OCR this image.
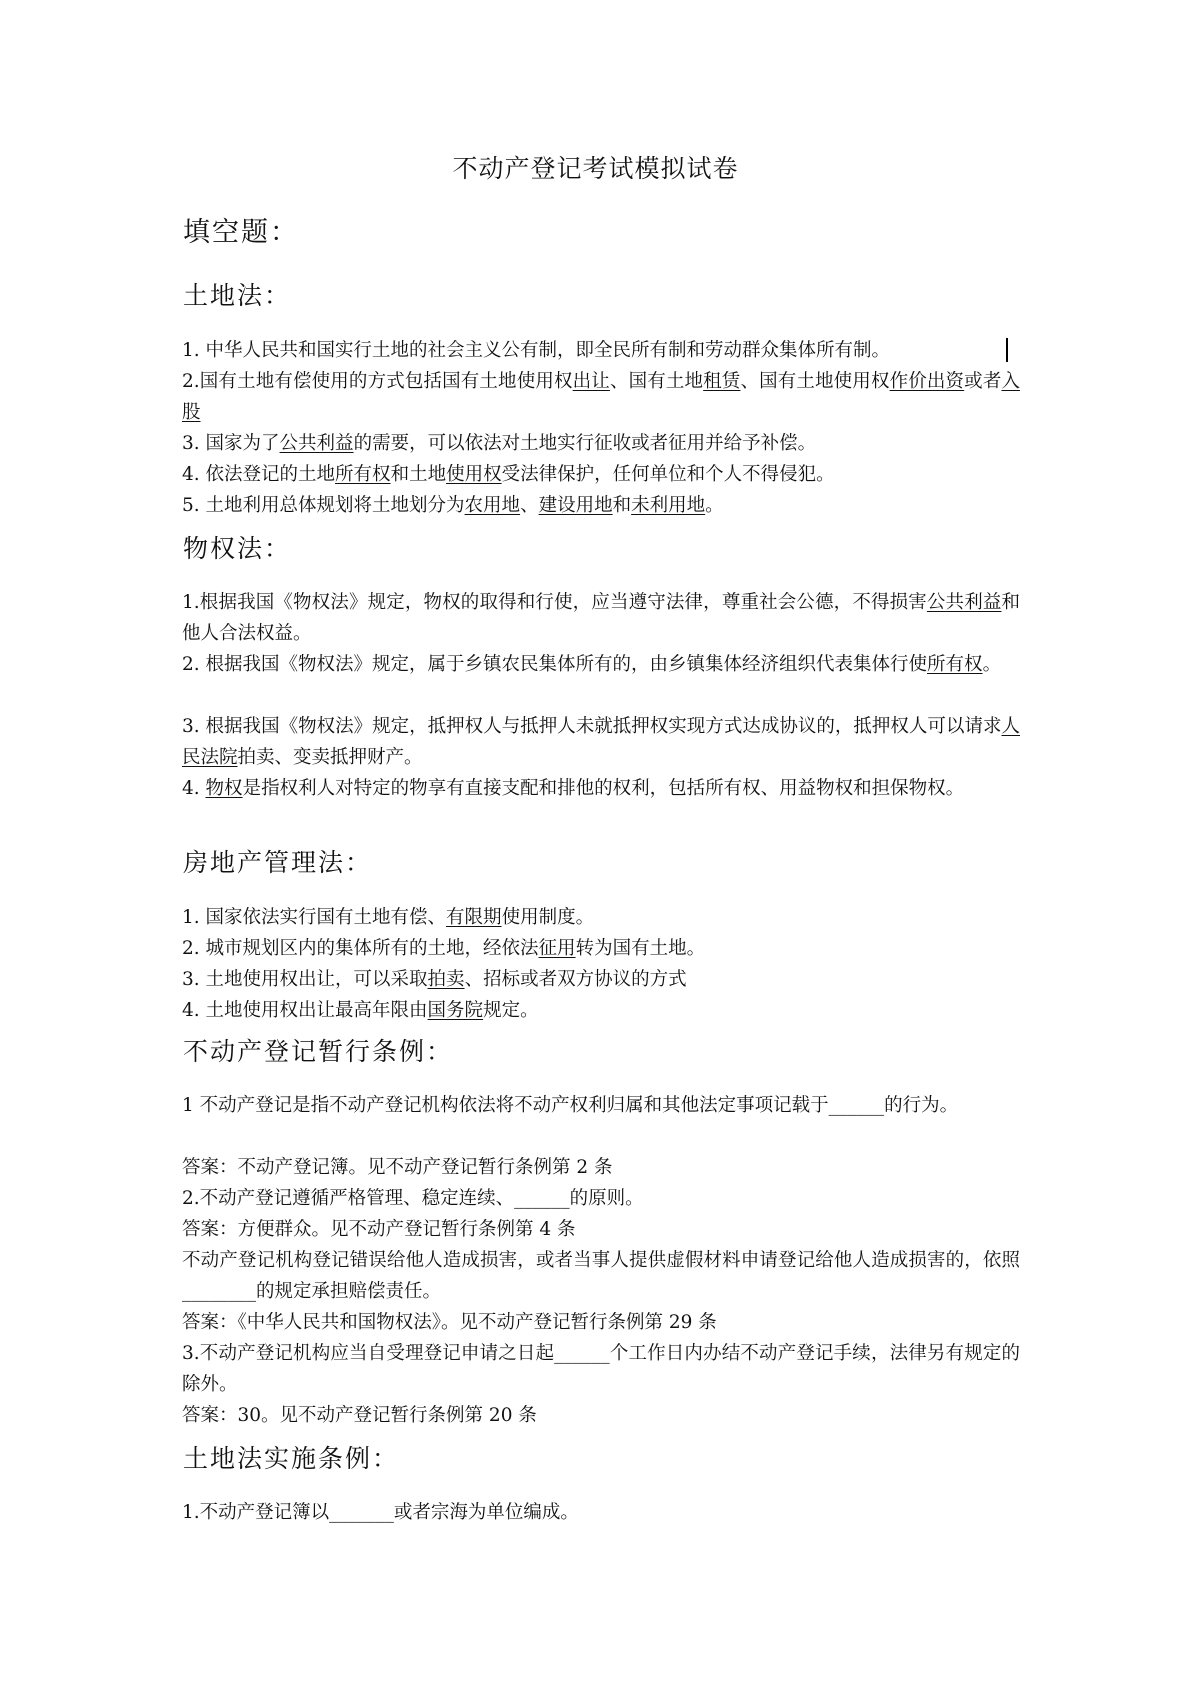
不动产登记考试模拟试卷
填空题：
土地法：
1. 中华人民共和国实行土地的社会主义公有制，即全民所有制和劳动群众集体所有制。
2.国有土地有偿使用的方式包括国有土地使用权出让、国有土地租赁、国有土地使用权作价出资或者入股
3. 国家为了公共利益的需要，可以依法对土地实行征收或者征用并给予补偿。
4. 依法登记的土地所有权和土地使用权受法律保护，任何单位和个人不得侵犯。
5. 土地利用总体规划将土地划分为农用地、建设用地和未利用地。
物权法：
1.根据我国《物权法》规定，物权的取得和行使，应当遵守法律，尊重社会公德，不得损害公共利益和他人合法权益。
2. 根据我国《物权法》规定，属于乡镇农民集体所有的，由乡镇集体经济组织代表集体行使所有权。
3. 根据我国《物权法》规定，抵押权人与抵押人未就抵押权实现方式达成协议的，抵押权人可以请求人民法院拍卖、变卖抵押财产。
4. 物权是指权利人对特定的物享有直接支配和排他的权利，包括所有权、用益物权和担保物权。
房地产管理法：
1. 国家依法实行国有土地有偿、有限期使用制度。
2. 城市规划区内的集体所有的土地，经依法征用转为国有土地。
3. 土地使用权出让，可以采取拍卖、招标或者双方协议的方式
4. 土地使用权出让最高年限由国务院规定。
不动产登记暂行条例：
1 不动产登记是指不动产登记机构依法将不动产权利归属和其他法定事项记载于______的行为。
答案：不动产登记簿。见不动产登记暂行条例第 2 条
2.不动产登记遵循严格管理、稳定连续、______的原则。
答案：方便群众。见不动产登记暂行条例第 4 条
不动产登记机构登记错误给他人造成损害，或者当事人提供虚假材料申请登记给他人造成损害的，依照________的规定承担赔偿责任。
答案：《中华人民共和国物权法》。见不动产登记暂行条例第 29 条
3.不动产登记机构应当自受理登记申请之日起______个工作日内办结不动产登记手续，法律另有规定的除外。
答案：30。见不动产登记暂行条例第 20 条
土地法实施条例：
1.不动产登记簿以_______或者宗海为单位编成。
